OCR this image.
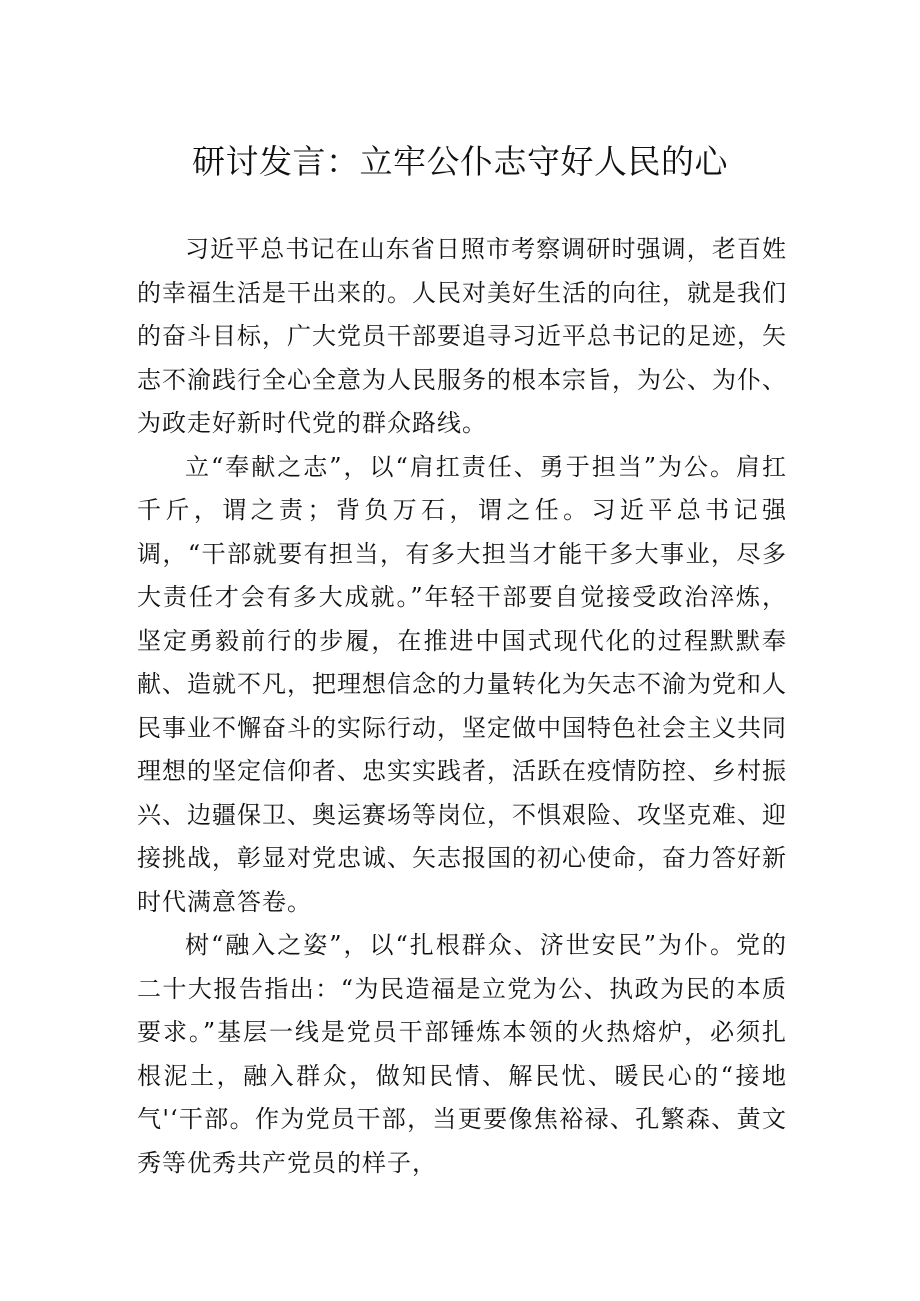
研讨发言：立牢公仆志守好人民的心

习近平总书记在山东省日照市考察调研时强调，老百姓的幸福生活是干出来的。人民对美好生活的向往，就是我们的奋斗目标，广大党员干部要追寻习近平总书记的足迹，矢志不渝践行全心全意为人民服务的根本宗旨，为公、为仆、为政走好新时代党的群众路线。

立“奉献之志”，以“肩扛责任、勇于担当”为公。肩扛千斤，谓之责；背负万石，谓之任。习近平总书记强调，“干部就要有担当，有多大担当才能干多大事业，尽多大责任才会有多大成就。”年轻干部要自觉接受政治淬炼，坚定勇毅前行的步履，在推进中国式现代化的过程默默奉献、造就不凡，把理想信念的力量转化为矢志不渝为党和人民事业不懈奋斗的实际行动，坚定做中国特色社会主义共同理想的坚定信仰者、忠实实践者，活跃在疫情防控、乡村振兴、边疆保卫、奥运赛场等岗位，不惧艰险、攻坚克难、迎接挑战，彰显对党忠诚、矢志报国的初心使命，奋力答好新时代满意答卷。

树“融入之姿”，以“扎根群众、济世安民”为仆。党的二十大报告指出：“为民造福是立党为公、执政为民的本质要求。”基层一线是党员干部锤炼本领的火热熔炉，必须扎根泥土，融入群众，做知民情、解民忧、暖民心的“接地气'‘干部。作为党员干部，当更要像焦裕禄、孔繁森、黄文秀等优秀共产党员的样子，
